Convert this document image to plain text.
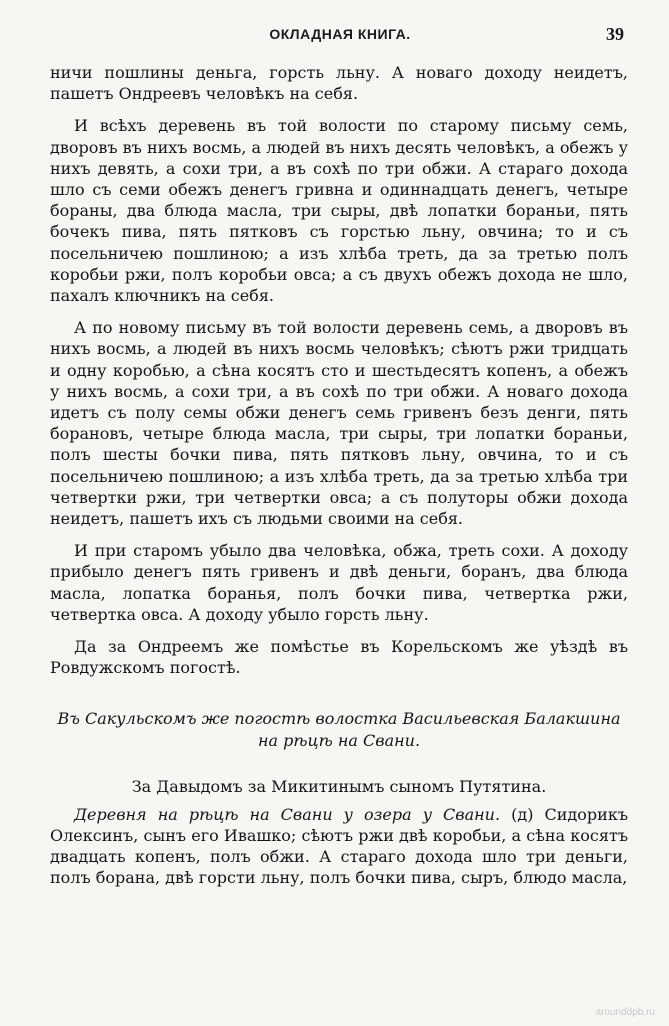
ОКЛАДНАЯ КНИГА.	39

ничи пошлины деньга, горсть льну. А новаго доходу неидетъ, пашетъ Ондреевъ человѣкъ на себя.

И всѣхъ деревень въ той волости по старому письму семь, дворовъ въ нихъ восмь, а людей въ нихъ десять человѣкъ, а обежъ у нихъ девять, а сохи три, а въ сохѣ по три обжи. А стараго дохода шло съ семи обежъ денегъ гривна и одиннадцать денегъ, четыре бораны, два блюда масла, три сыры, двѣ лопатки бораньи, пять бочекъ пива, пять пятковъ съ горстью льну, овчина; то и съ посельничею пошлиною; а изъ хлѣба треть, да за третью полъ коробьи ржи, полъ коробьи овса; а съ двухъ обежъ дохода не шло, пахалъ ключникъ на себя.

А по новому письму въ той волости деревень семь, а дворовъ въ нихъ восмь, а людей въ нихъ восмь человѣкъ; сѣютъ ржи тридцать и одну коробью, а сѣна косятъ сто и шестьдесятъ копенъ, а обежъ у нихъ восмь, а сохи три, а въ сохѣ по три обжи. А новаго дохода идетъ съ полу семы обжи денегъ семь гривенъ безъ денги, пять борановъ, четыре блюда масла, три сыры, три лопатки бораньи, полъ шесты бочки пива, пять пятковъ льну, овчина, то и съ посельничею пошлиною; а изъ хлѣба треть, да за третью хлѣба три четвертки ржи, три четвертки овса; а съ полуторы обжи дохода неидетъ, пашетъ ихъ съ людьми своими на себя.

И при старомъ убыло два человѣка, обжа, треть сохи. А доходу прибыло денегъ пять гривенъ и двѣ деньги, боранъ, два блюда масла, лопатка боранья, полъ бочки пива, четвертка ржи, четвертка овса. А доходу убыло горсть льну.

Да за Ондреемъ же помѣстье въ Корельскомъ же уѣздѣ въ Ровдужскомъ погостѣ.

Въ Сакульскомъ же погостѣ волостка Васильевская Балакшина на рѣцѣ на Свани.
За Давыдомъ за Микитинымъ сыномъ Путятина.

Деревня на рѣцѣ на Свани у озера у Свани. (д) Сидорикъ Олексинъ, сынъ его Ивашко; сѣютъ ржи двѣ коробьи, а сѣна косятъ двадцать копенъ, полъ обжи. А стараго дохода шло три деньги, полъ борана, двѣ горсти льну, полъ бочки пива, сыръ, блюдо масла,

arounddpb.ru
